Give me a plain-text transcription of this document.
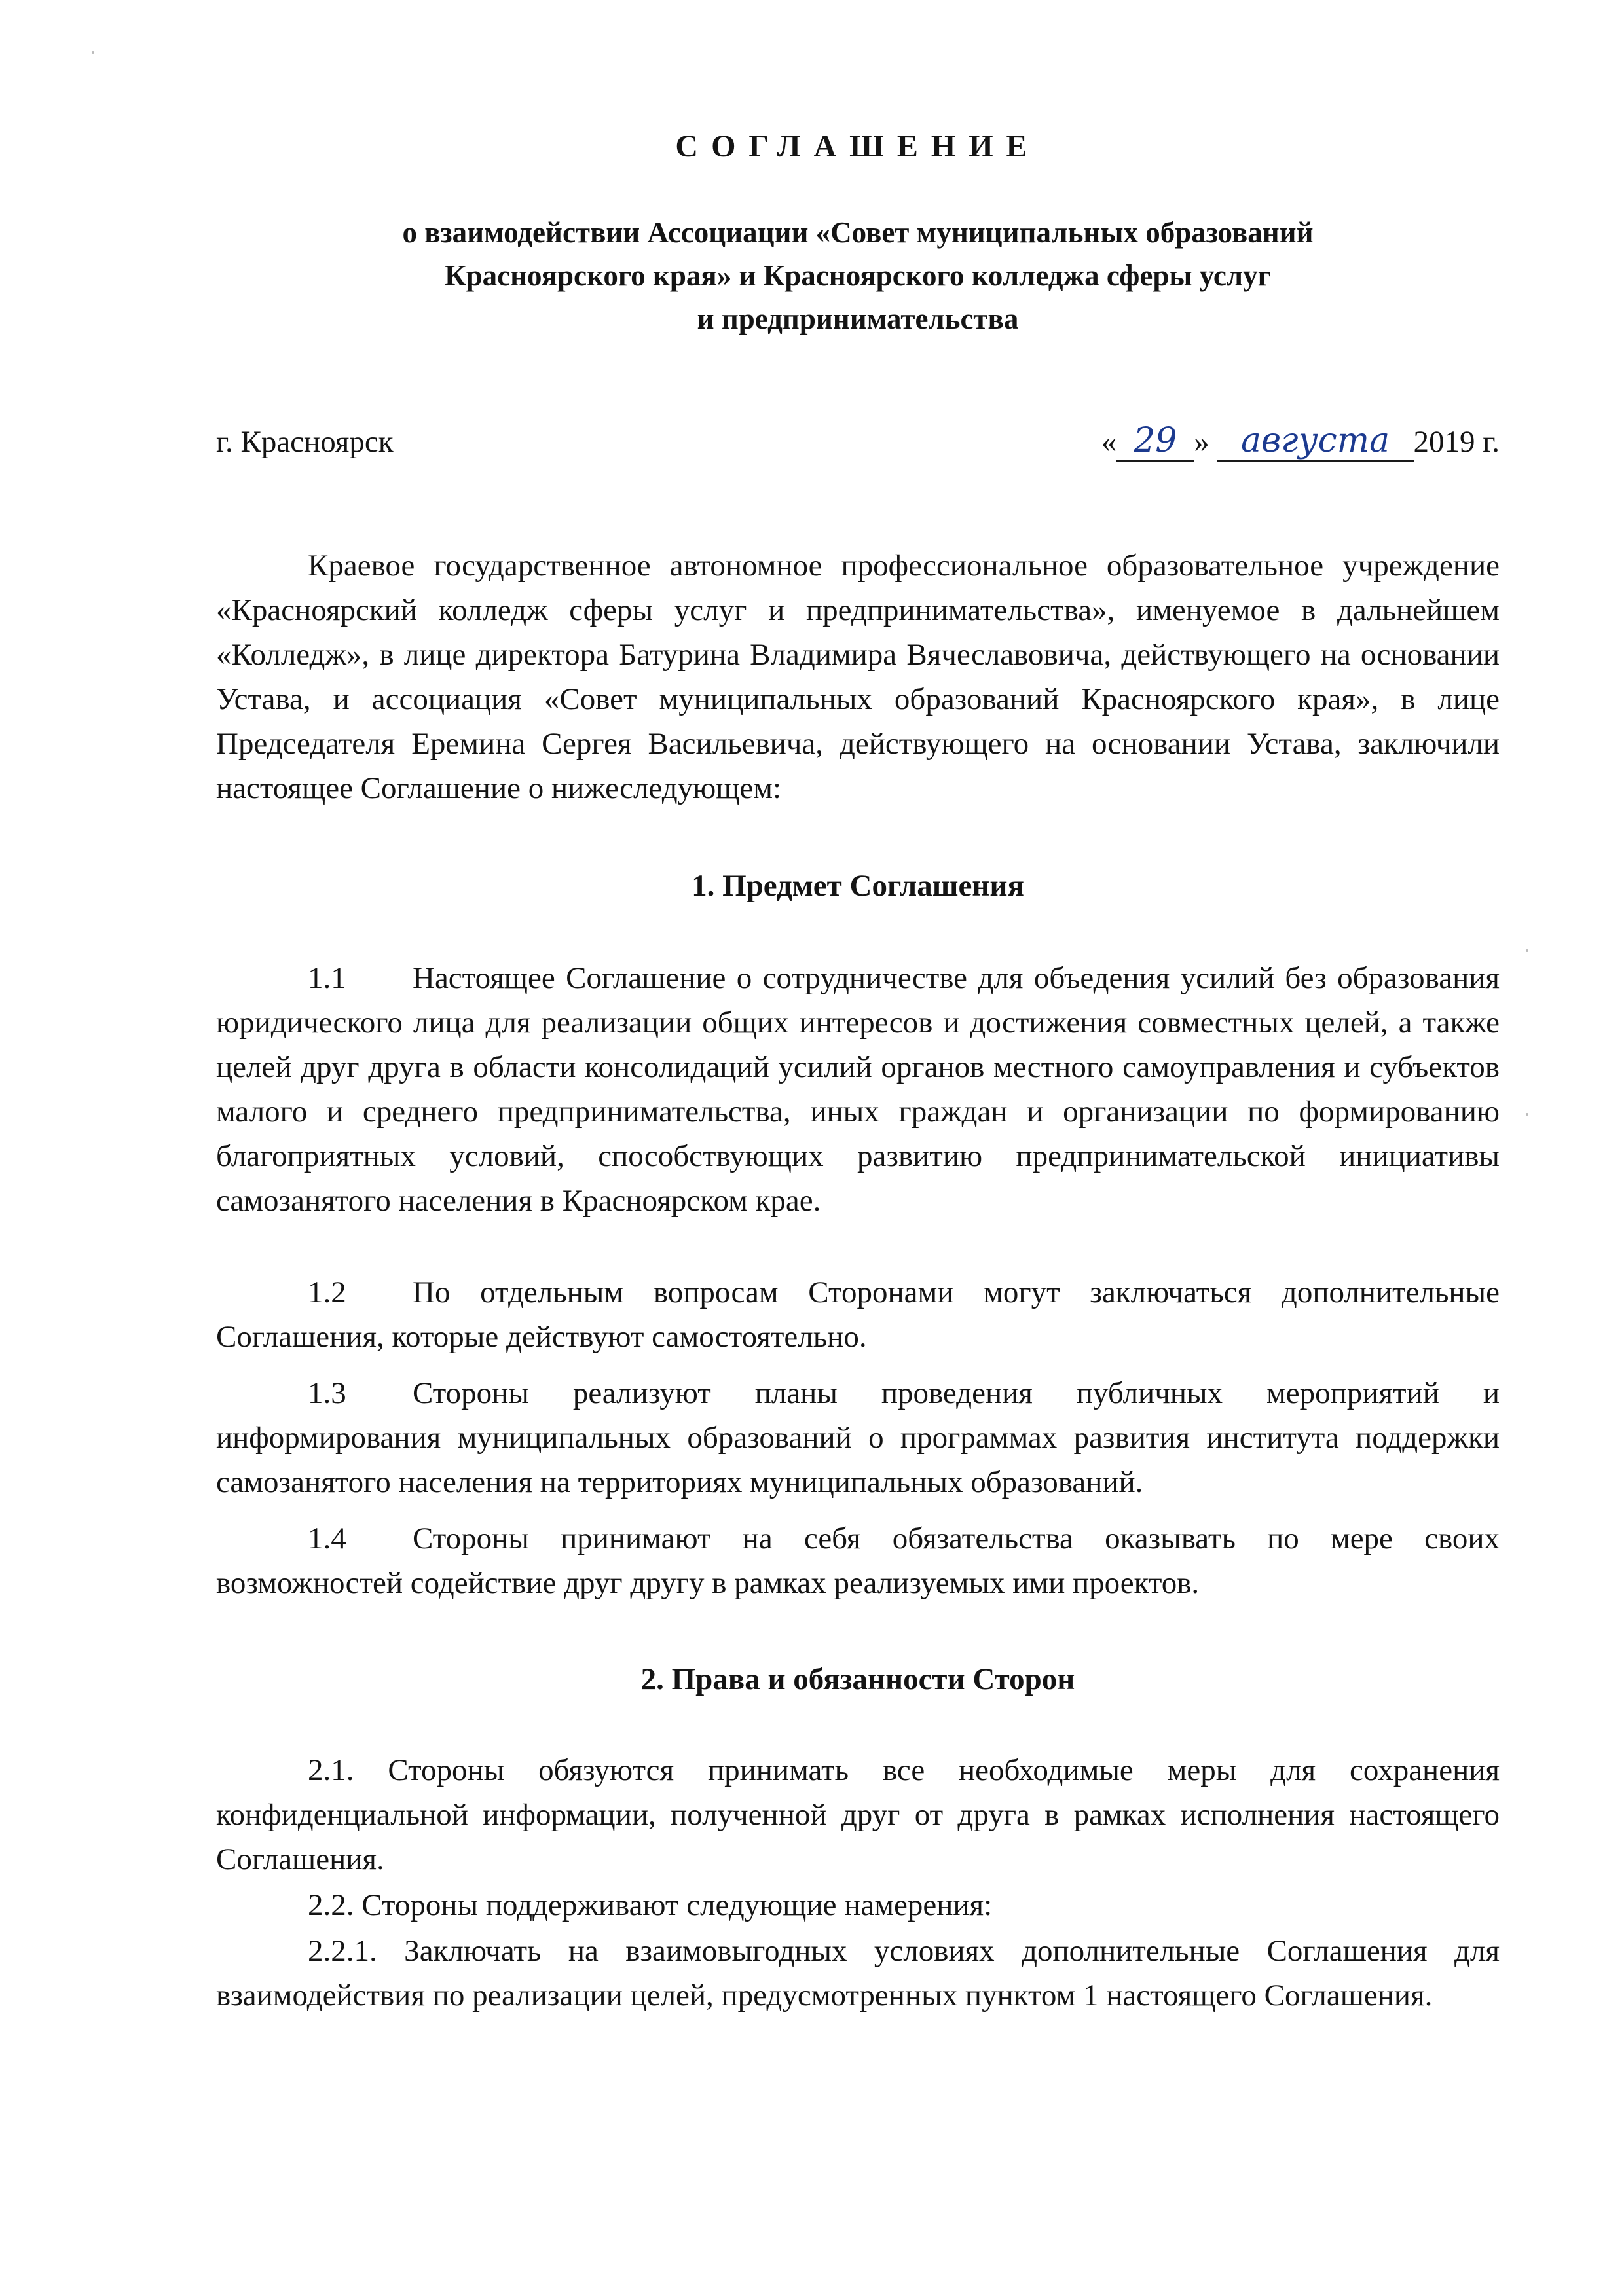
СОГЛАШЕНИЕ
о взаимодействии Ассоциации «Совет муниципальных образований
Красноярского края» и Красноярского колледжа сферы услуг
и предпринимательства
г. Красноярск	« 29 » августа 2019 г.

Краевое государственное автономное профессиональное образовательное учреждение «Красноярский колледж сферы услуг и предпринимательства», именуемое в дальнейшем «Колледж», в лице директора Батурина Владимира Вячеславовича, действующего на основании Устава, и ассоциация «Совет муниципальных образований Красноярского края», в лице Председателя Еремина Сергея Васильевича, действующего на основании Устава, заключили настоящее Соглашение о нижеследующем:

1. Предмет Соглашения

1.1 Настоящее Соглашение о сотрудничестве для объедения усилий без образования юридического лица для реализации общих интересов и достижения совместных целей, а также целей друг друга в области консолидаций усилий органов местного самоуправления и субъектов малого и среднего предпринимательства, иных граждан и организации по формированию благоприятных условий, способствующих развитию предпринимательской инициативы самозанятого населения в Красноярском крае.

1.2 По отдельным вопросам Сторонами могут заключаться дополнительные Соглашения, которые действуют самостоятельно.

1.3 Стороны реализуют планы проведения публичных мероприятий и информирования муниципальных образований о программах развития института поддержки самозанятого населения на территориях муниципальных образований.

1.4 Стороны принимают на себя обязательства оказывать по мере своих возможностей содействие друг другу в рамках реализуемых ими проектов.

2. Права и обязанности Сторон

2.1. Стороны обязуются принимать все необходимые меры для сохранения конфиденциальной информации, полученной друг от друга в рамках исполнения настоящего Соглашения.

2.2. Стороны поддерживают следующие намерения:

2.2.1. Заключать на взаимовыгодных условиях дополнительные Соглашения для взаимодействия по реализации целей, предусмотренных пунктом 1 настоящего Соглашения.
